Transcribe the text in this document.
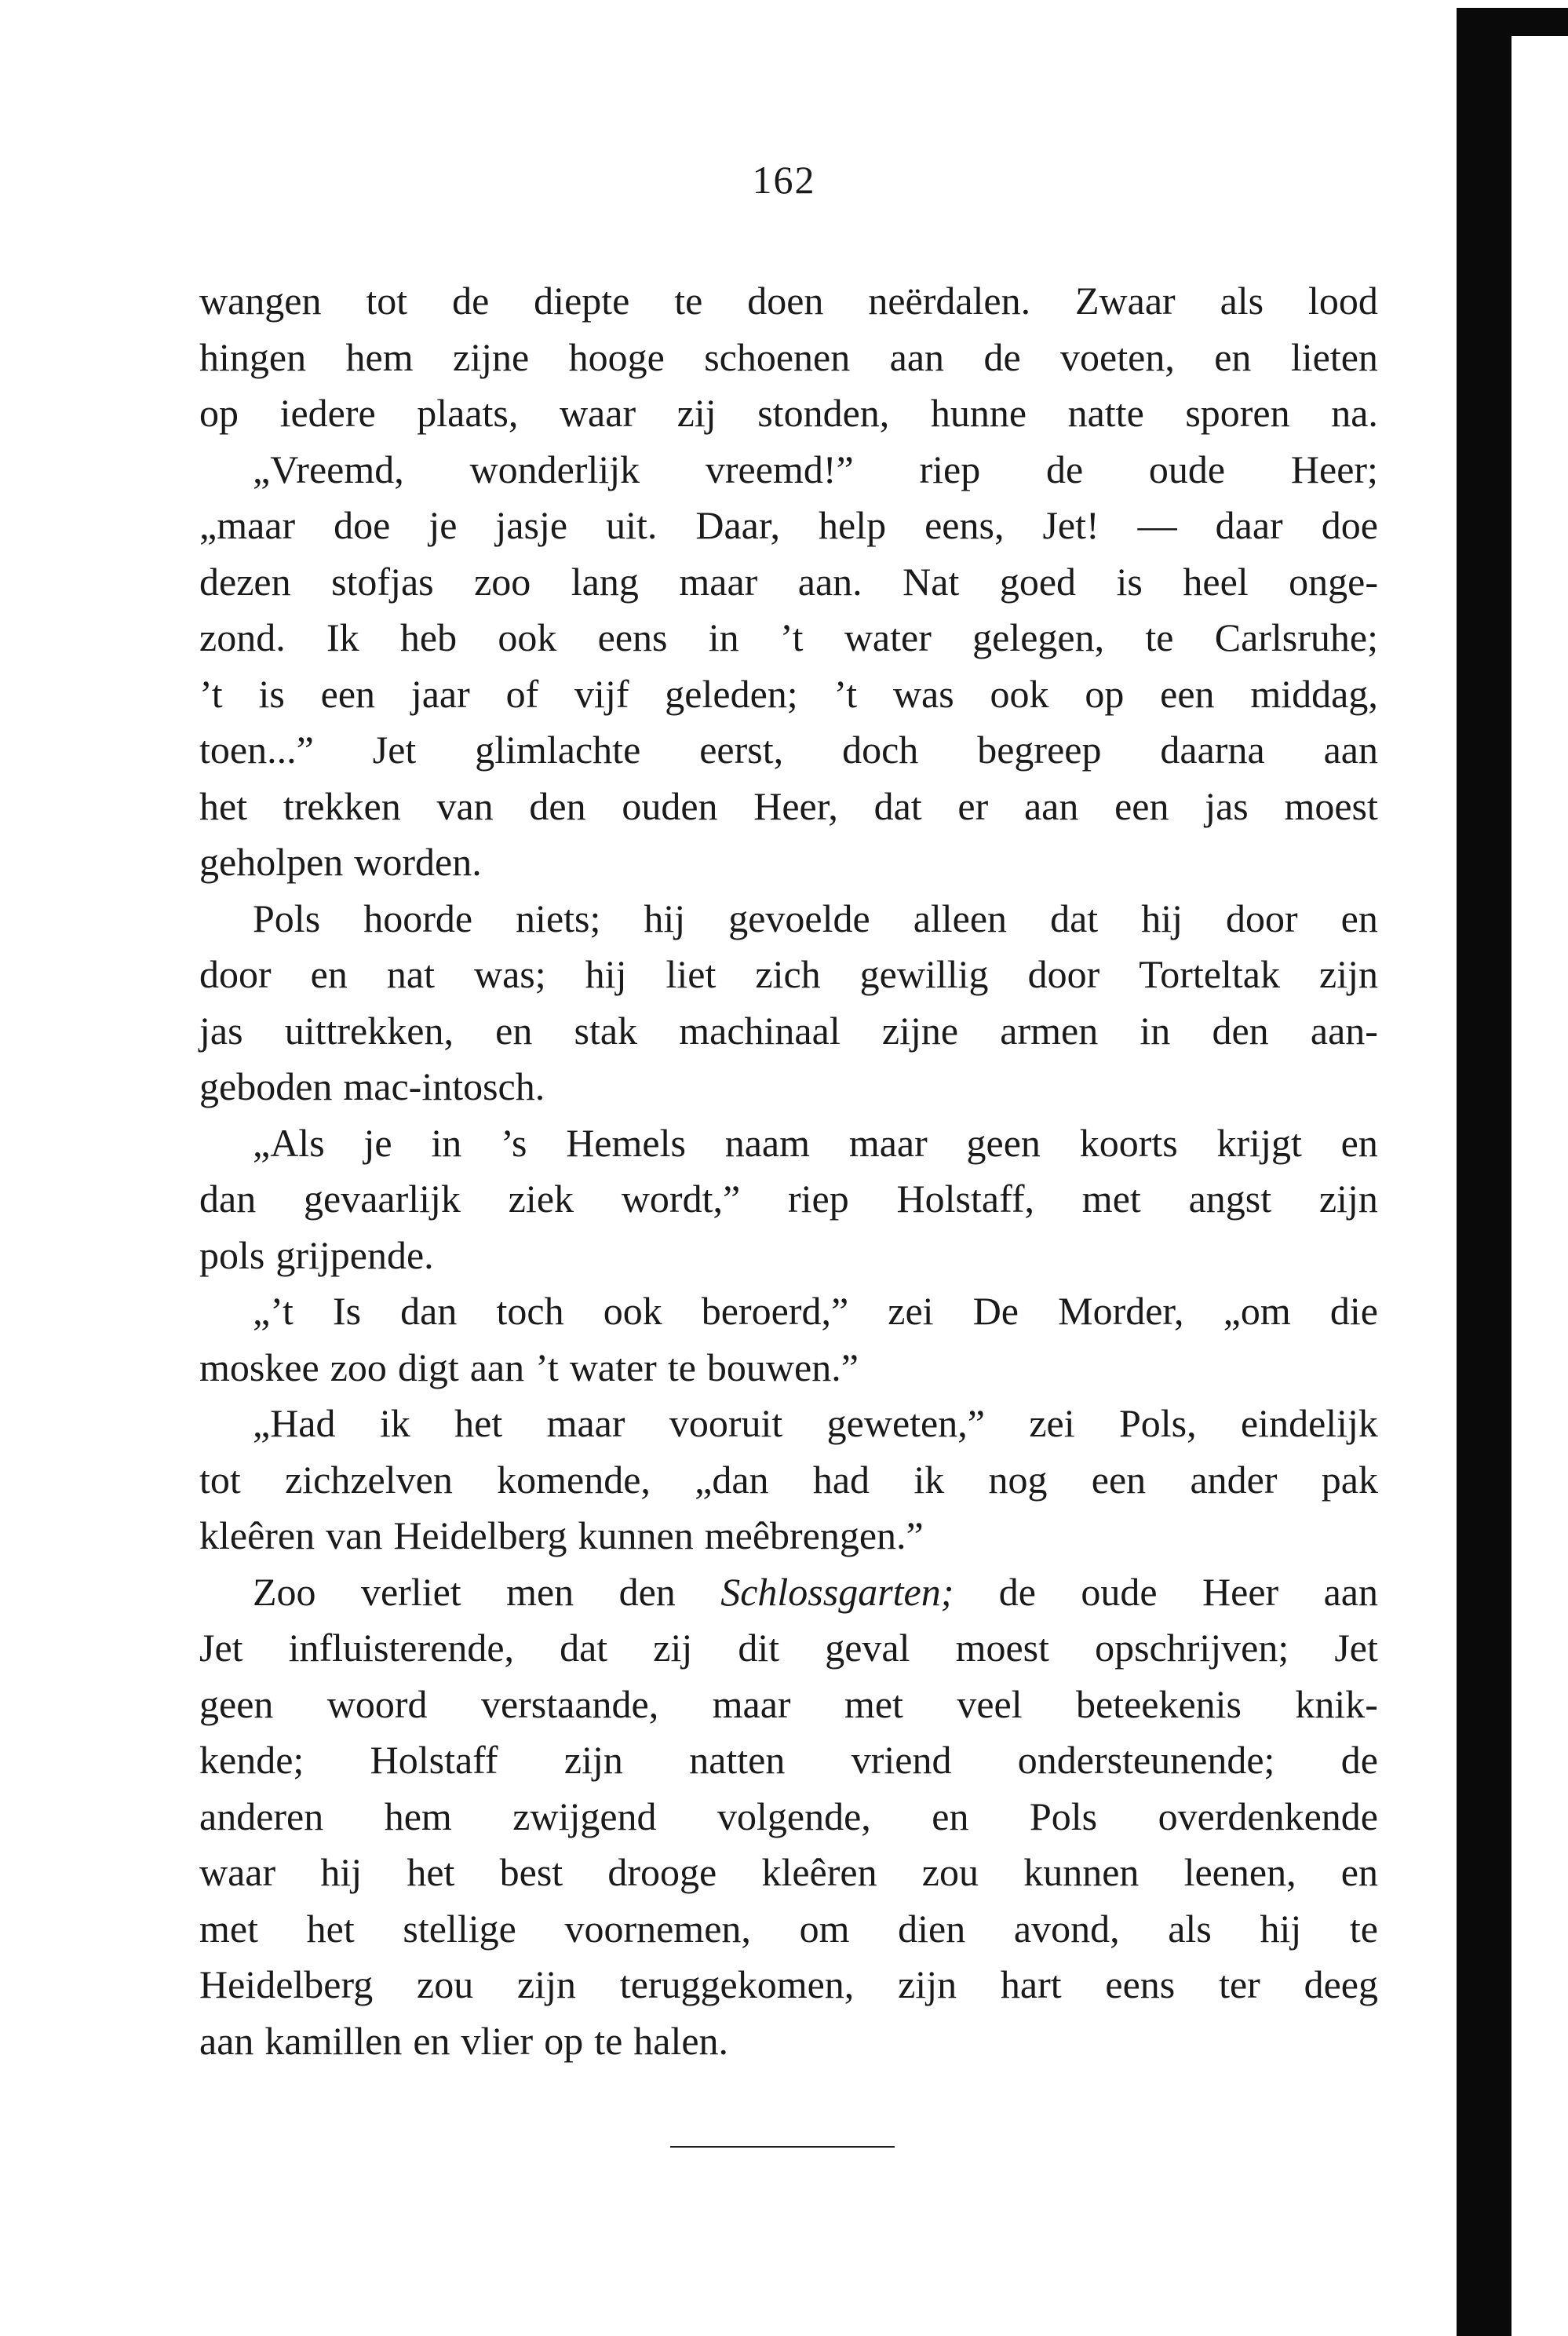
162
wangen tot de diepte te doen neërdalen. Zwaar als lood
hingen hem zijne hooge schoenen aan de voeten, en lieten
op iedere plaats, waar zij stonden, hunne natte sporen na.
„Vreemd, wonderlijk vreemd!” riep de oude Heer;
„maar doe je jasje uit. Daar, help eens, Jet! — daar doe
dezen stofjas zoo lang maar aan. Nat goed is heel onge-
zond. Ik heb ook eens in ’t water gelegen, te Carlsruhe;
’t is een jaar of vijf geleden; ’t was ook op een middag,
toen...” Jet glimlachte eerst, doch begreep daarna aan
het trekken van den ouden Heer, dat er aan een jas moest
geholpen worden.
Pols hoorde niets; hij gevoelde alleen dat hij door en
door en nat was; hij liet zich gewillig door Torteltak zijn
jas uittrekken, en stak machinaal zijne armen in den aan-
geboden mac-intosch.
„Als je in ’s Hemels naam maar geen koorts krijgt en
dan gevaarlijk ziek wordt,” riep Holstaff, met angst zijn
pols grijpende.
„’t Is dan toch ook beroerd,” zei De Morder, „om die
moskee zoo digt aan ’t water te bouwen.”
„Had ik het maar vooruit geweten,” zei Pols, eindelijk
tot zichzelven komende, „dan had ik nog een ander pak
kleêren van Heidelberg kunnen meêbrengen.”
Zoo verliet men den Schlossgarten; de oude Heer aan
Jet influisterende, dat zij dit geval moest opschrijven; Jet
geen woord verstaande, maar met veel beteekenis knik-
kende; Holstaff zijn natten vriend ondersteunende; de
anderen hem zwijgend volgende, en Pols overdenkende
waar hij het best drooge kleêren zou kunnen leenen, en
met het stellige voornemen, om dien avond, als hij te
Heidelberg zou zijn teruggekomen, zijn hart eens ter deeg
aan kamillen en vlier op te halen.
